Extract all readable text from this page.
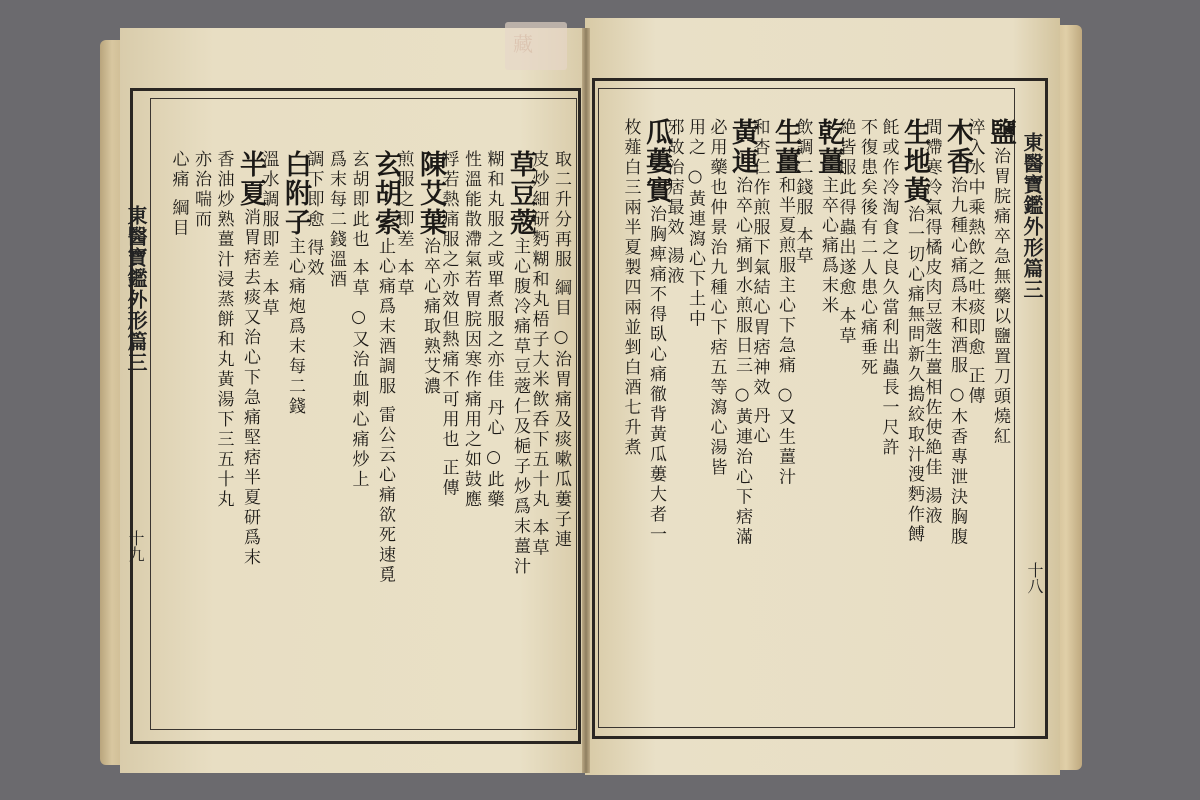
藏
東醫寶鑑外形篇三
十九
東醫寶鑑外形篇三
十八
鹽治胃脘痛卒急無藥以鹽置刀頭燒紅
淬入水中乘熱飲之吐痰即愈 正傳
木香治九種心痛爲末和酒服 ○木香專泄決胸腹
間滯寒冷氣得橘皮肉豆蔲生薑相佐使絶佳 湯液
生地黃治一切心痛無問新久搗絞取汁溲麪作餺
飥或作冷淘食之良久當利出蟲長一尺許
不復患矣後有二人患心痛垂死
絶皆服此得蟲出遂愈 本草
乾薑主卒心痛爲末米
飲調二錢服 本草
生薑和半夏煎服主心下急痛 ○又生薑汁
和杏仁作煎服下氣結心胃痞神效 丹心
黃連治卒心痛剉水煎服日三 ○黃連治心下痞滿
必用藥也仲景治九種心下痞五等瀉心湯皆
用之 ○黃連瀉心下土中
邪故治痞最效 湯液
瓜蔞實治胸痺痛不得臥心痛徹背黃瓜蔞大者一
枚薤白三兩半夏製四兩並剉白酒七升煮
取二升分再服 綱目 ○治胃痛及痰嗽瓜蔞子連
皮炒細研麪糊和丸梧子大米飲呑下五十丸 本草
草豆蔲主心腹冷痛草豆蔲仁及梔子炒爲末薑汁
糊和丸服之或單煮服之亦佳 丹心 ○此藥
性溫能散滯氣若胃脘因寒作痛用之如鼓應
桴若熱痛服之亦效但熱痛不可用也 正傳
陳艾葉治卒心痛取熟艾濃
煎服之即差 本草
玄胡索止心痛爲末酒調服 雷公云心痛欲死速覓
玄胡即此也 本草 ○又治血刺心痛炒上
爲末每二錢溫酒
調下即愈 得效
白附子主心痛炮爲末每二錢
溫水調服即差 本草
半夏消胃痞去痰又治心下急痛堅痞半夏研爲末
香油炒熟薑汁浸蒸餅和丸黃湯下三五十丸
亦治喘而
心痛 綱目
